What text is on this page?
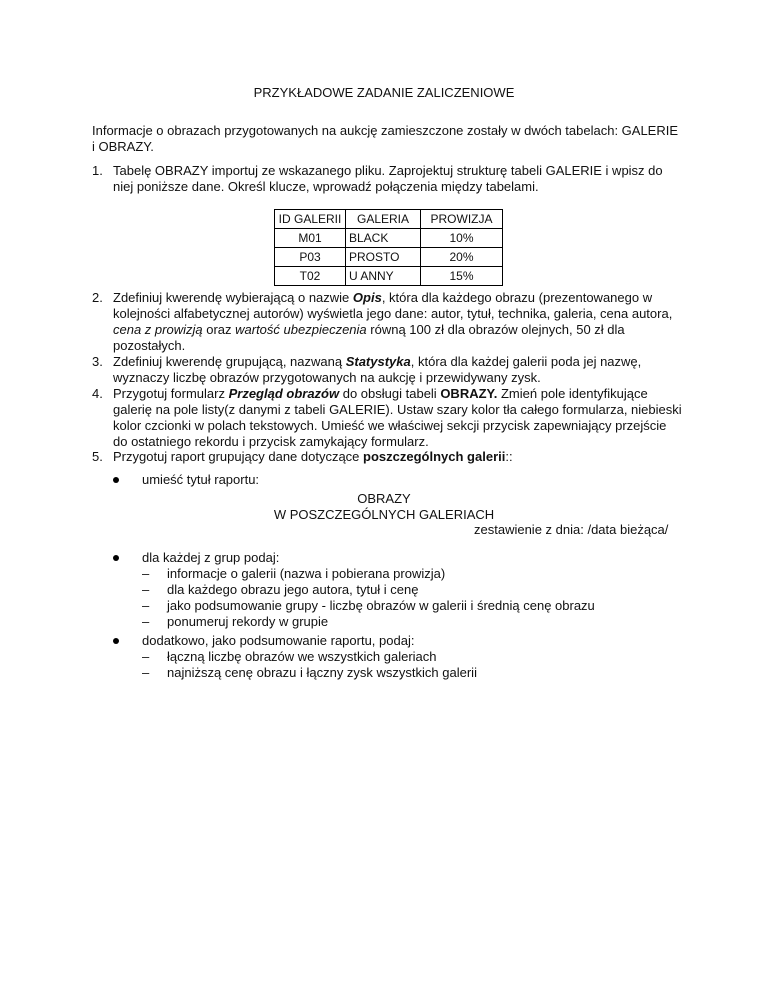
PRZYKŁADOWE ZADANIE ZALICZENIOWE
Informacje o obrazach przygotowanych na aukcję zamieszczone zostały w dwóch tabelach: GALERIE
i OBRAZY.
1. Tabelę OBRAZY importuj ze wskazanego pliku. Zaprojektuj strukturę tabeli GALERIE i wpisz do niej poniższe dane. Określ klucze, wprowadź połączenia między tabelami.
ID GALERII	GALERIA	PROWIZJA
M01	BLACK	10%
P03	PROSTO	20%
T02	U ANNY	15%
2. Zdefiniuj kwerendę wybierającą o nazwie Opis, która dla każdego obrazu (prezentowanego w kolejności alfabetycznej autorów) wyświetla jego dane: autor, tytuł, technika, galeria, cena autora, cena z prowizją oraz wartość ubezpieczenia równą 100 zł dla obrazów olejnych, 50 zł dla pozostałych.
3. Zdefiniuj kwerendę grupującą, nazwaną Statystyka, która dla każdej galerii poda jej nazwę, wyznaczy liczbę obrazów przygotowanych na aukcję i przewidywany zysk.
4. Przygotuj formularz Przegląd obrazów do obsługi tabeli OBRAZY. Zmień pole identyfikujące galerię na pole listy(z danymi z tabeli GALERIE). Ustaw szary kolor tła całego formularza, niebieski kolor czcionki w polach tekstowych. Umieść we właściwej sekcji przycisk zapewniający przejście do ostatniego rekordu i przycisk zamykający formularz.
5. Przygotuj raport grupujący dane dotyczące poszczególnych galerii::
umieść tytuł raportu:
OBRAZY
W POSZCZEGÓLNYCH GALERIACH
zestawienie z dnia: /data bieżąca/
dla każdej z grup podaj:
– informacje o galerii (nazwa i pobierana prowizja)
– dla każdego obrazu jego autora, tytuł i cenę
– jako podsumowanie grupy - liczbę obrazów w galerii i średnią cenę obrazu
– ponumeruj rekordy w grupie
dodatkowo, jako podsumowanie raportu, podaj:
– łączną liczbę obrazów we wszystkich galeriach
– najniższą cenę obrazu i łączny zysk wszystkich galerii
